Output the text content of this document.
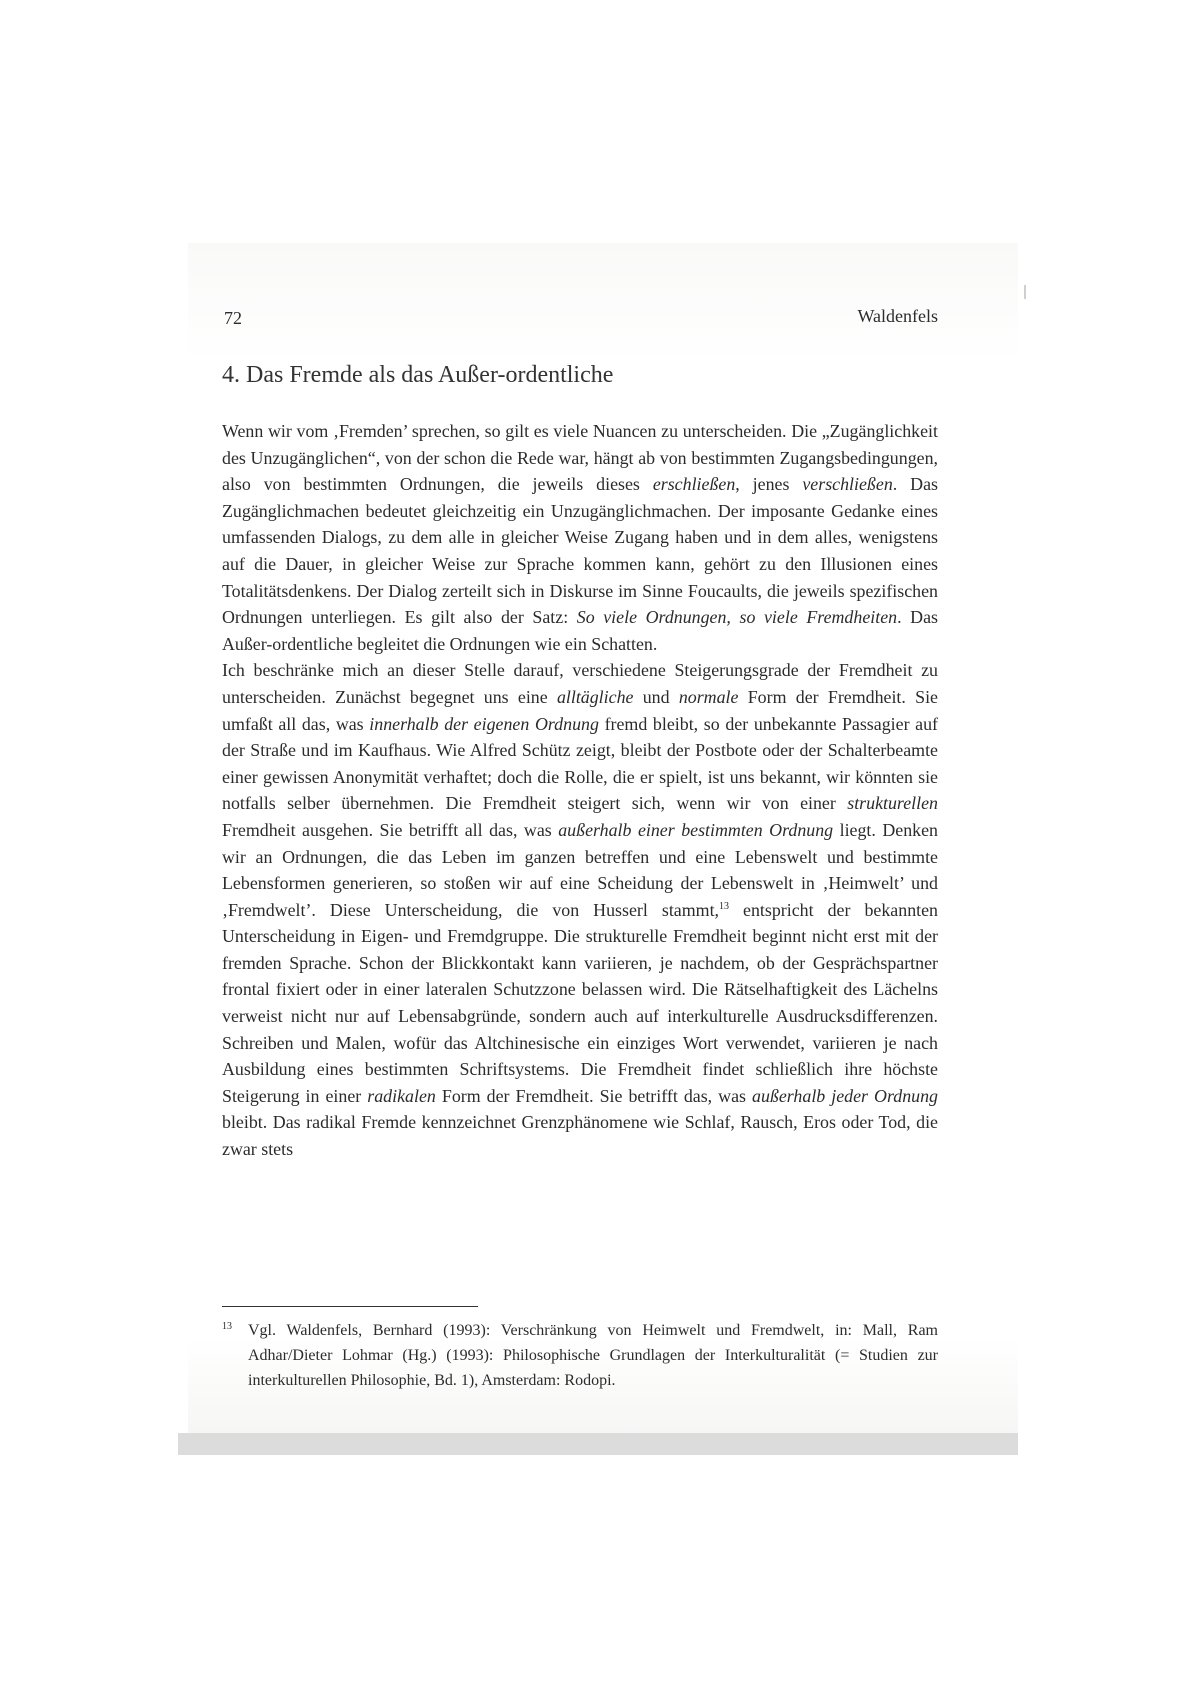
72	Waldenfels
4. Das Fremde als das Außer-ordentliche

Wenn wir vom ‚Fremden’ sprechen, so gilt es viele Nuancen zu unterscheiden. Die „Zugänglichkeit des Unzugänglichen“, von der schon die Rede war, hängt ab von bestimmten Zugangsbedingungen, also von bestimmten Ordnungen, die jeweils dieses erschließen, jenes verschließen. Das Zugänglichmachen bedeutet gleichzeitig ein Unzugänglichmachen. Der imposante Gedanke eines umfassenden Dialogs, zu dem alle in gleicher Weise Zugang haben und in dem alles, wenigstens auf die Dauer, in gleicher Weise zur Sprache kommen kann, gehört zu den Illusionen eines Totalitätsdenkens. Der Dialog zerteilt sich in Diskurse im Sinne Foucaults, die jeweils spezifischen Ordnungen unterliegen. Es gilt also der Satz: So viele Ordnungen, so viele Fremdheiten. Das Außer-ordentliche begleitet die Ordnungen wie ein Schatten.

Ich beschränke mich an dieser Stelle darauf, verschiedene Steigerungsgrade der Fremdheit zu unterscheiden. Zunächst begegnet uns eine alltägliche und normale Form der Fremdheit. Sie umfaßt all das, was innerhalb der eigenen Ordnung fremd bleibt, so der unbekannte Passagier auf der Straße und im Kaufhaus. Wie Alfred Schütz zeigt, bleibt der Postbote oder der Schalterbeamte einer gewissen Anonymität verhaftet; doch die Rolle, die er spielt, ist uns bekannt, wir könnten sie notfalls selber übernehmen. Die Fremdheit steigert sich, wenn wir von einer strukturellen Fremdheit ausgehen. Sie betrifft all das, was außerhalb einer bestimmten Ordnung liegt. Denken wir an Ordnungen, die das Leben im ganzen betreffen und eine Lebenswelt und bestimmte Lebensformen generieren, so stoßen wir auf eine Scheidung der Lebenswelt in ‚Heimwelt’ und ‚Fremdwelt’. Diese Unterscheidung, die von Husserl stammt,$^{13}$ entspricht der bekannten Unterscheidung in Eigen- und Fremdgruppe. Die strukturelle Fremdheit beginnt nicht erst mit der fremden Sprache. Schon der Blickkontakt kann variieren, je nachdem, ob der Gesprächspartner frontal fixiert oder in einer lateralen Schutzzone belassen wird. Die Rätselhaftigkeit des Lächelns verweist nicht nur auf Lebensabgründe, sondern auch auf interkulturelle Ausdrucksdifferenzen. Schreiben und Malen, wofür das Altchinesische ein einziges Wort verwendet, variieren je nach Ausbildung eines bestimmten Schriftsystems. Die Fremdheit findet schließlich ihre höchste Steigerung in einer radikalen Form der Fremdheit. Sie betrifft das, was außerhalb jeder Ordnung bleibt. Das radikal Fremde kennzeichnet Grenzphänomene wie Schlaf, Rausch, Eros oder Tod, die zwar stets

13	Vgl. Waldenfels, Bernhard (1993): Verschränkung von Heimwelt und Fremdwelt, in: Mall, Ram Adhar/Dieter Lohmar (Hg.) (1993): Philosophische Grundlagen der Interkulturalität (= Studien zur interkulturellen Philosophie, Bd. 1), Amsterdam: Rodopi.
